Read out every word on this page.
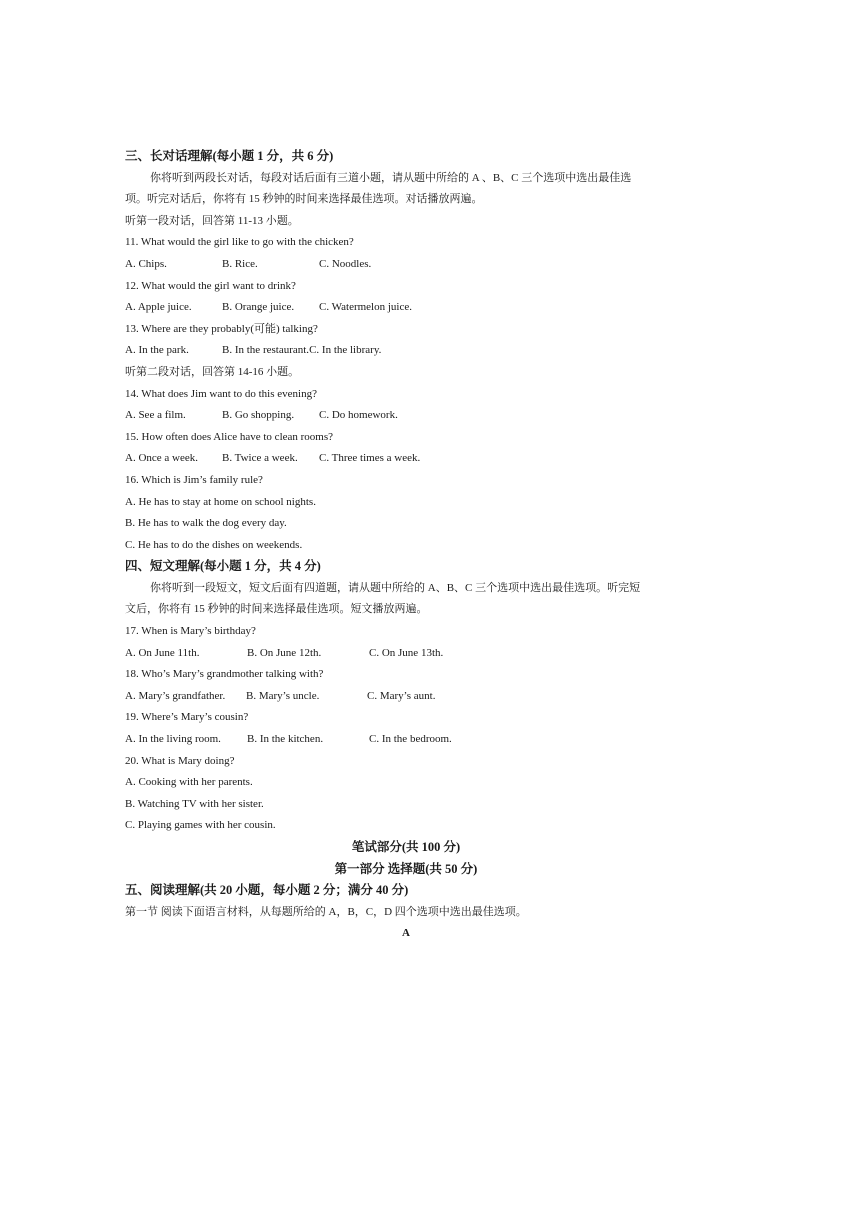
三、长对话理解(每小题 1 分，共 6 分)
你将听到两段长对话，每段对话后面有三道小题，请从题中所给的 A 、B、C 三个选项中选出最佳选
项。听完对话后，你将有 15 秒钟的时间来选择最佳选项。对话播放两遍。
听第一段对话，回答第 11-13 小题。
11. What would the girl like to go with the chicken?
A. Chips.	B. Rice.	C. Noodles.
12. What would the girl want to drink?
A. Apple juice.	B. Orange juice. C. Watermelon juice.
13. Where are they probably(可能) talking?
A. In the park.	B. In the restaurant.C. In the library.
听第二段对话，回答第 14-16 小题。
14. What does Jim want to do this evening?
A. See a film.	B. Go shopping. C. Do homework.
15. How often does Alice have to clean rooms?
A. Once a week. B. Twice a week. C. Three times a week.
16. Which is Jim’s family rule?
A. He has to stay at home on school nights.
B. He has to walk the dog every day.
C. He has to do the dishes on weekends.
四、短文理解(每小题 1 分，共 4 分)
你将听到一段短文，短文后面有四道题，请从题中所给的 A、B、C 三个选项中选出最佳选项。听完短
文后，你将有 15 秒钟的时间来选择最佳选项。短文播放两遍。
17. When is Mary’s birthday?
A. On June 11th.	B. On June 12th.	C. On June 13th.
18. Who’s Mary’s grandmother talking with?
A. Mary’s grandfather. B. Mary’s uncle.	C. Mary’s aunt.
19. Where’s Mary’s cousin?
A. In the living room. B. In the kitchen.	C. In the bedroom.
20. What is Mary doing?
A. Cooking with her parents.
B. Watching TV with her sister.
C. Playing games with her cousin.
笔试部分(共 100 分)
第一部分 选择题(共 50 分)
五、阅读理解(共 20 小题，每小题 2 分；满分 40 分)
第一节 阅读下面语言材料，从每题所给的 A，B，C，D 四个选项中选出最佳选项。
A
